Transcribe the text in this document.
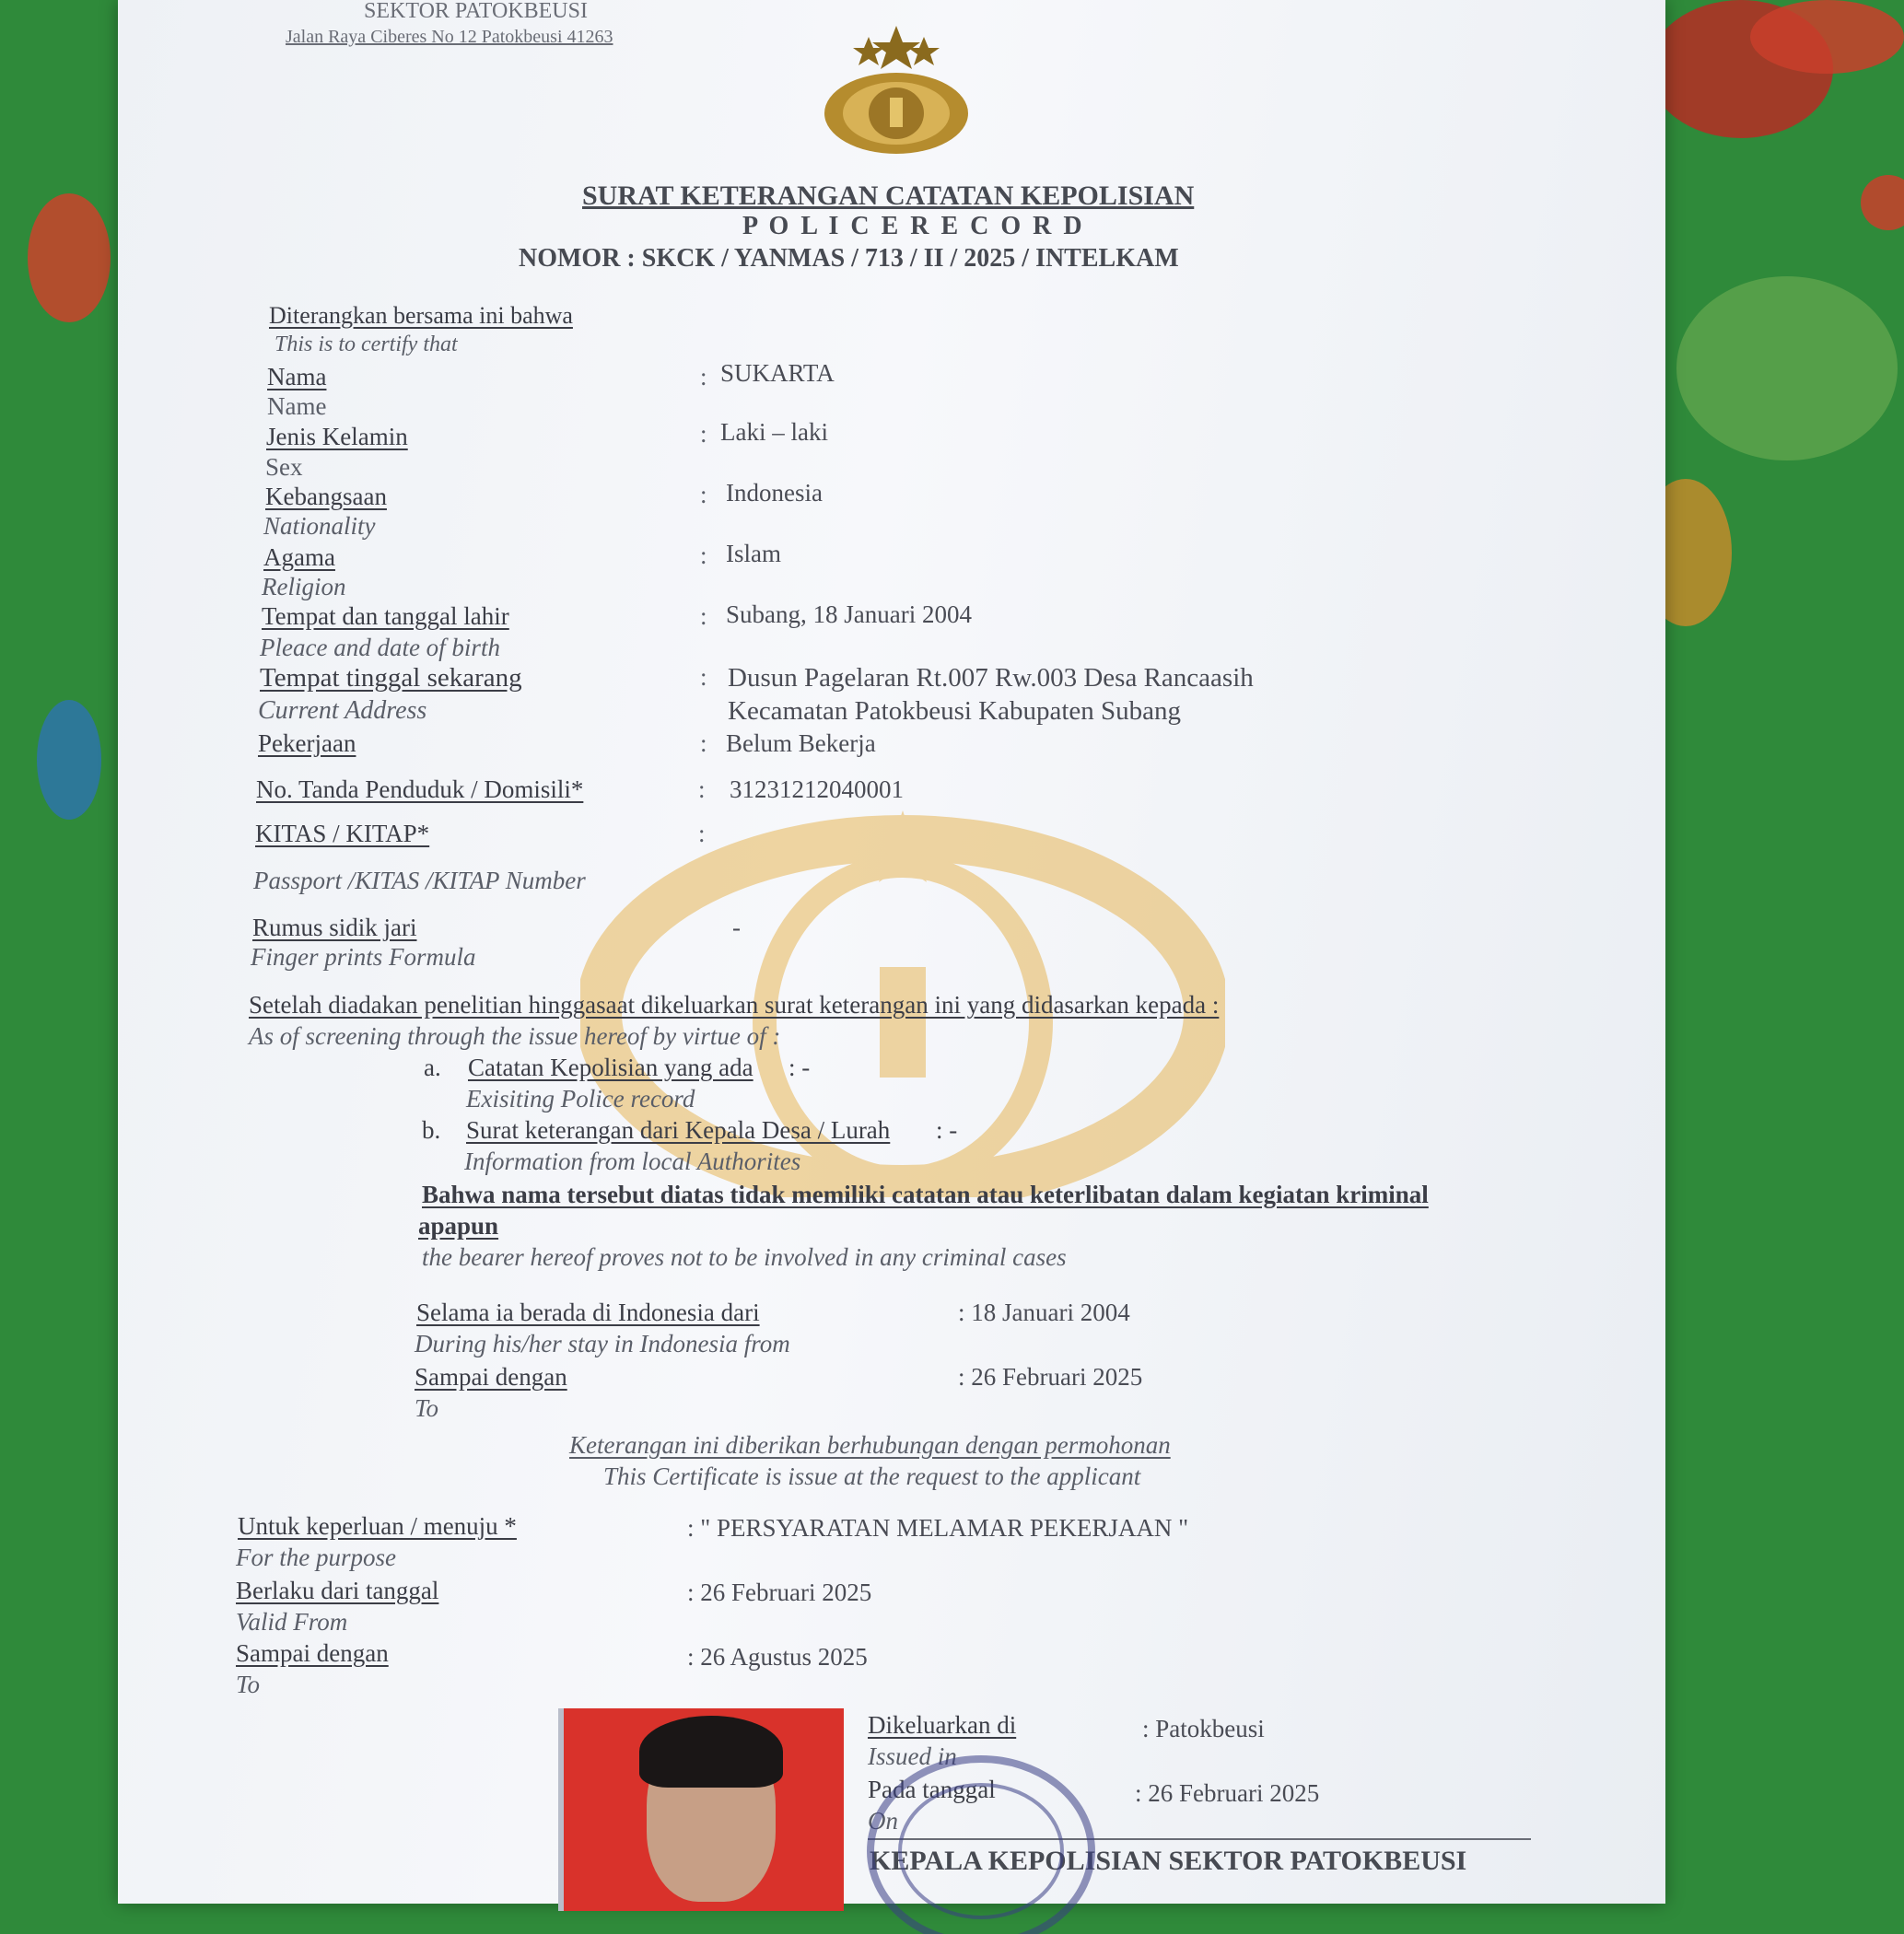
SEKTOR PATOKBEUSI
Jalan Raya Ciberes No 12 Patokbeusi 41263
SURAT KETERANGAN CATATAN KEPOLISIAN
P O L I C E R E C O R D
NOMOR : SKCK / YANMAS / 713 / II / 2025 / INTELKAM
Diterangkan bersama ini bahwa
This is to certify that
Nama
Name
: SUKARTA
Jenis Kelamin
Sex
: Laki – laki
Kebangsaan
Nationality
: Indonesia
Agama
Religion
: Islam
Tempat dan tanggal lahir
Pleace and date of birth
: Subang, 18 Januari 2004
Tempat tinggal sekarang
Current Address
: Dusun Pagelaran Rt.007 Rw.003 Desa Rancaasih
Kecamatan Patokbeusi Kabupaten Subang
Pekerjaan	: Belum Bekerja
No. Tanda Penduduk / Domisili*	: 31231212040001
KITAS / KITAP*	:
Passport /KITAS /KITAP Number
Rumus sidik jari	-
Finger prints Formula
Setelah diadakan penelitian hinggasaat dikeluarkan surat keterangan ini yang didasarkan kepada :
As of screening through the issue hereof by virtue of :
a. Catatan Kepolisian yang ada : -
Exisiting Police record
b. Surat keterangan dari Kepala Desa / Lurah : -
Information from local Authorites
Bahwa nama tersebut diatas tidak memiliki catatan atau keterlibatan dalam kegiatan kriminal
apapun
the bearer hereof proves not to be involved in any criminal cases
Selama ia berada di Indonesia dari	: 18 Januari 2004
During his/her stay in Indonesia from
Sampai dengan	: 26 Februari 2025
To
Keterangan ini diberikan berhubungan dengan permohonan
This Certificate is issue at the request to the applicant
Untuk keperluan / menuju *	: " PERSYARATAN MELAMAR PEKERJAAN "
For the purpose
Berlaku dari tanggal	: 26 Februari 2025
Valid From
Sampai dengan	: 26 Agustus 2025
To
Dikeluarkan di	: Patokbeusi
Issued in
Pada tanggal	: 26 Februari 2025
On
KEPALA KEPOLISIAN SEKTOR PATOKBEUSI
